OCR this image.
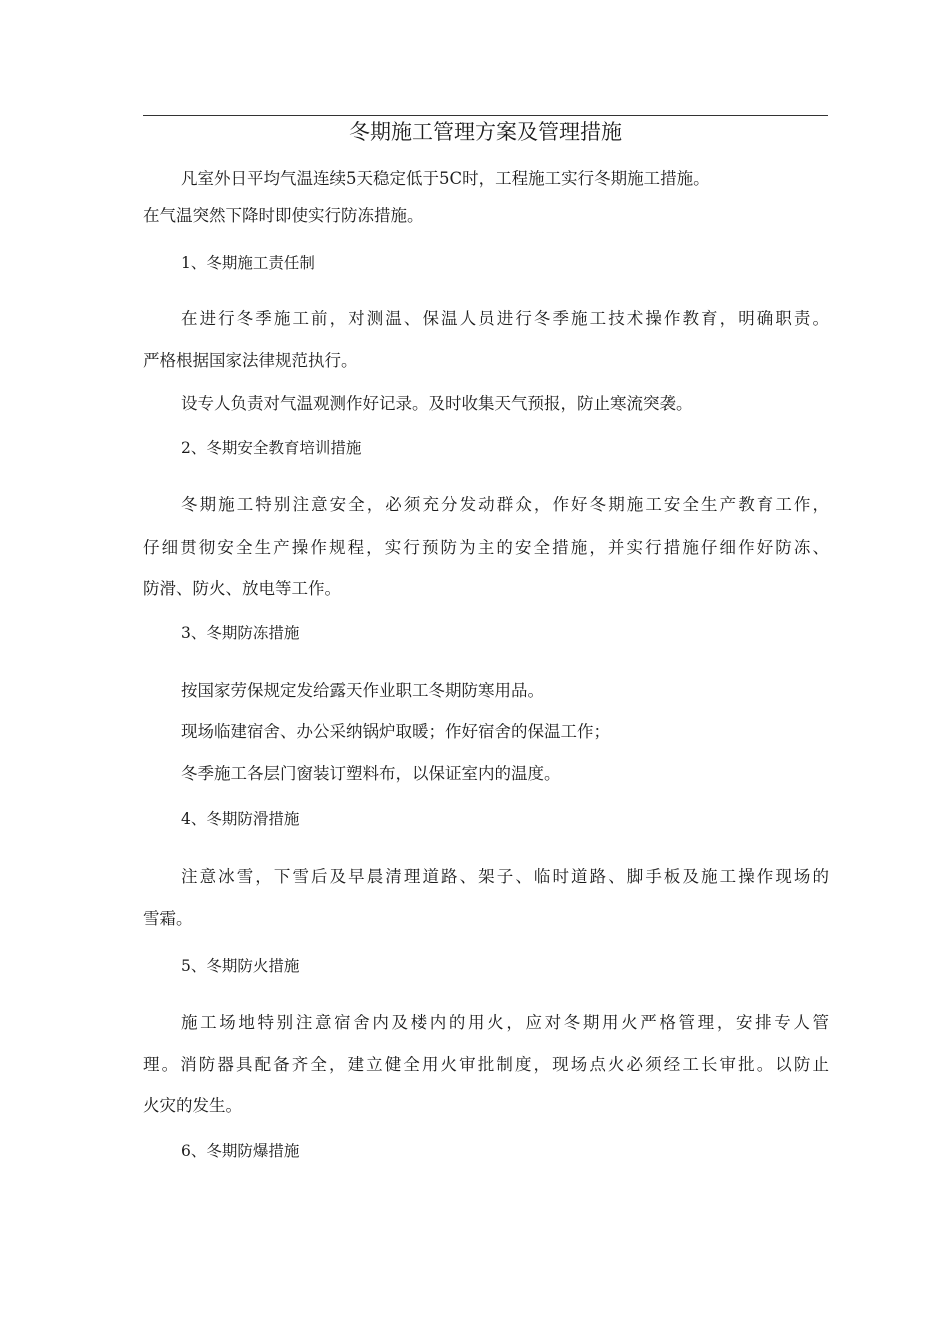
冬期施工管理方案及管理措施
凡室外日平均气温连续5天稳定低于5C时，工程施工实行冬期施工措施。
在气温突然下降时即使实行防冻措施。
1、冬期施工责任制
在进行冬季施工前，对测温、保温人员进行冬季施工技术操作教育，明确职责。
严格根据国家法律规范执行。
设专人负责对气温观测作好记录。及时收集天气预报，防止寒流突袭。
2、冬期安全教育培训措施
冬期施工特别注意安全，必须充分发动群众，作好冬期施工安全生产教育工作，
仔细贯彻安全生产操作规程，实行预防为主的安全措施，并实行措施仔细作好防冻、
防滑、防火、放电等工作。
3、冬期防冻措施
按国家劳保规定发给露天作业职工冬期防寒用品。
现场临建宿舍、办公采纳锅炉取暖；作好宿舍的保温工作；
冬季施工各层门窗装订塑料布，以保证室内的温度。
4、冬期防滑措施
注意冰雪，下雪后及早晨清理道路、架子、临时道路、脚手板及施工操作现场的
雪霜。
5、冬期防火措施
施工场地特别注意宿舍内及楼内的用火，应对冬期用火严格管理，安排专人管
理。消防器具配备齐全，建立健全用火审批制度，现场点火必须经工长审批。以防止
火灾的发生。
6、冬期防爆措施
